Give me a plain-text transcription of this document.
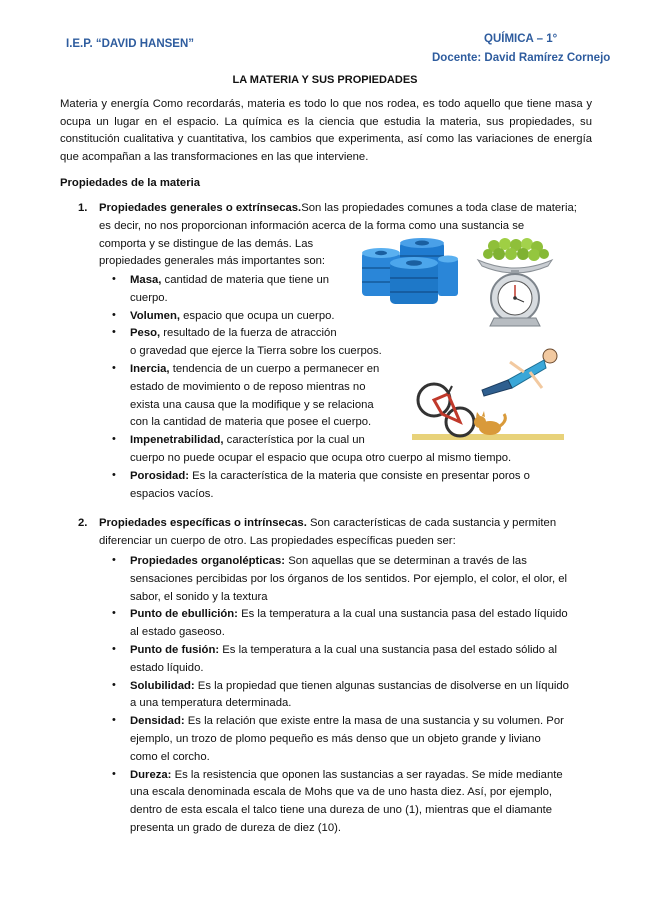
I.E.P. “DAVID HANSEN”	QUÍMICA – 1°
Docente: David Ramírez Cornejo
LA MATERIA Y SUS PROPIEDADES
Materia y energía Como recordarás, materia es todo lo que nos rodea, es todo aquello que tiene masa y ocupa un lugar en el espacio. La química es la ciencia que estudia la materia, sus propiedades, su constitución cualitativa y cuantitativa, los cambios que experimenta, así como las variaciones de energía que acompañan a las transformaciones en las que interviene.
Propiedades de la materia
1. Propiedades generales o extrínsecas.Son las propiedades comunes a toda clase de materia;
es decir, no nos proporcionan información acerca de la forma como una sustancia se
comporta y se distingue de las demás. Las
propiedades generales más importantes son:
• Masa, cantidad de materia que tiene un
cuerpo.
• Volumen, espacio que ocupa un cuerpo.
• Peso, resultado de la fuerza de atracción
o gravedad que ejerce la Tierra sobre los cuerpos.
• Inercia, tendencia de un cuerpo a permanecer en
estado de movimiento o de reposo mientras no
exista una causa que la modifique y se relaciona
con la cantidad de materia que posee el cuerpo.
• Impenetrabilidad, característica por la cual un
cuerpo no puede ocupar el espacio que ocupa otro cuerpo al mismo tiempo.
• Porosidad: Es la característica de la materia que consiste en presentar poros o
espacios vacíos.
2. Propiedades específicas o intrínsecas. Son características de cada sustancia y permiten
diferenciar un cuerpo de otro. Las propiedades específicas pueden ser:
• Propiedades organolépticas: Son aquellas que se determinan a través de las
sensaciones percibidas por los órganos de los sentidos. Por ejemplo, el color, el olor, el
sabor, el sonido y la textura
• Punto de ebullición: Es la temperatura a la cual una sustancia pasa del estado líquido
al estado gaseoso.
• Punto de fusión: Es la temperatura a la cual una sustancia pasa del estado sólido al
estado líquido.
• Solubilidad: Es la propiedad que tienen algunas sustancias de disolverse en un líquido
a una temperatura determinada.
• Densidad: Es la relación que existe entre la masa de una sustancia y su volumen. Por
ejemplo, un trozo de plomo pequeño es más denso que un objeto grande y liviano
como el corcho.
• Dureza: Es la resistencia que oponen las sustancias a ser rayadas. Se mide mediante
una escala denominada escala de Mohs que va de uno hasta diez. Así, por ejemplo,
dentro de esta escala el talco tiene una dureza de uno (1), mientras que el diamante
presenta un grado de dureza de diez (10).
